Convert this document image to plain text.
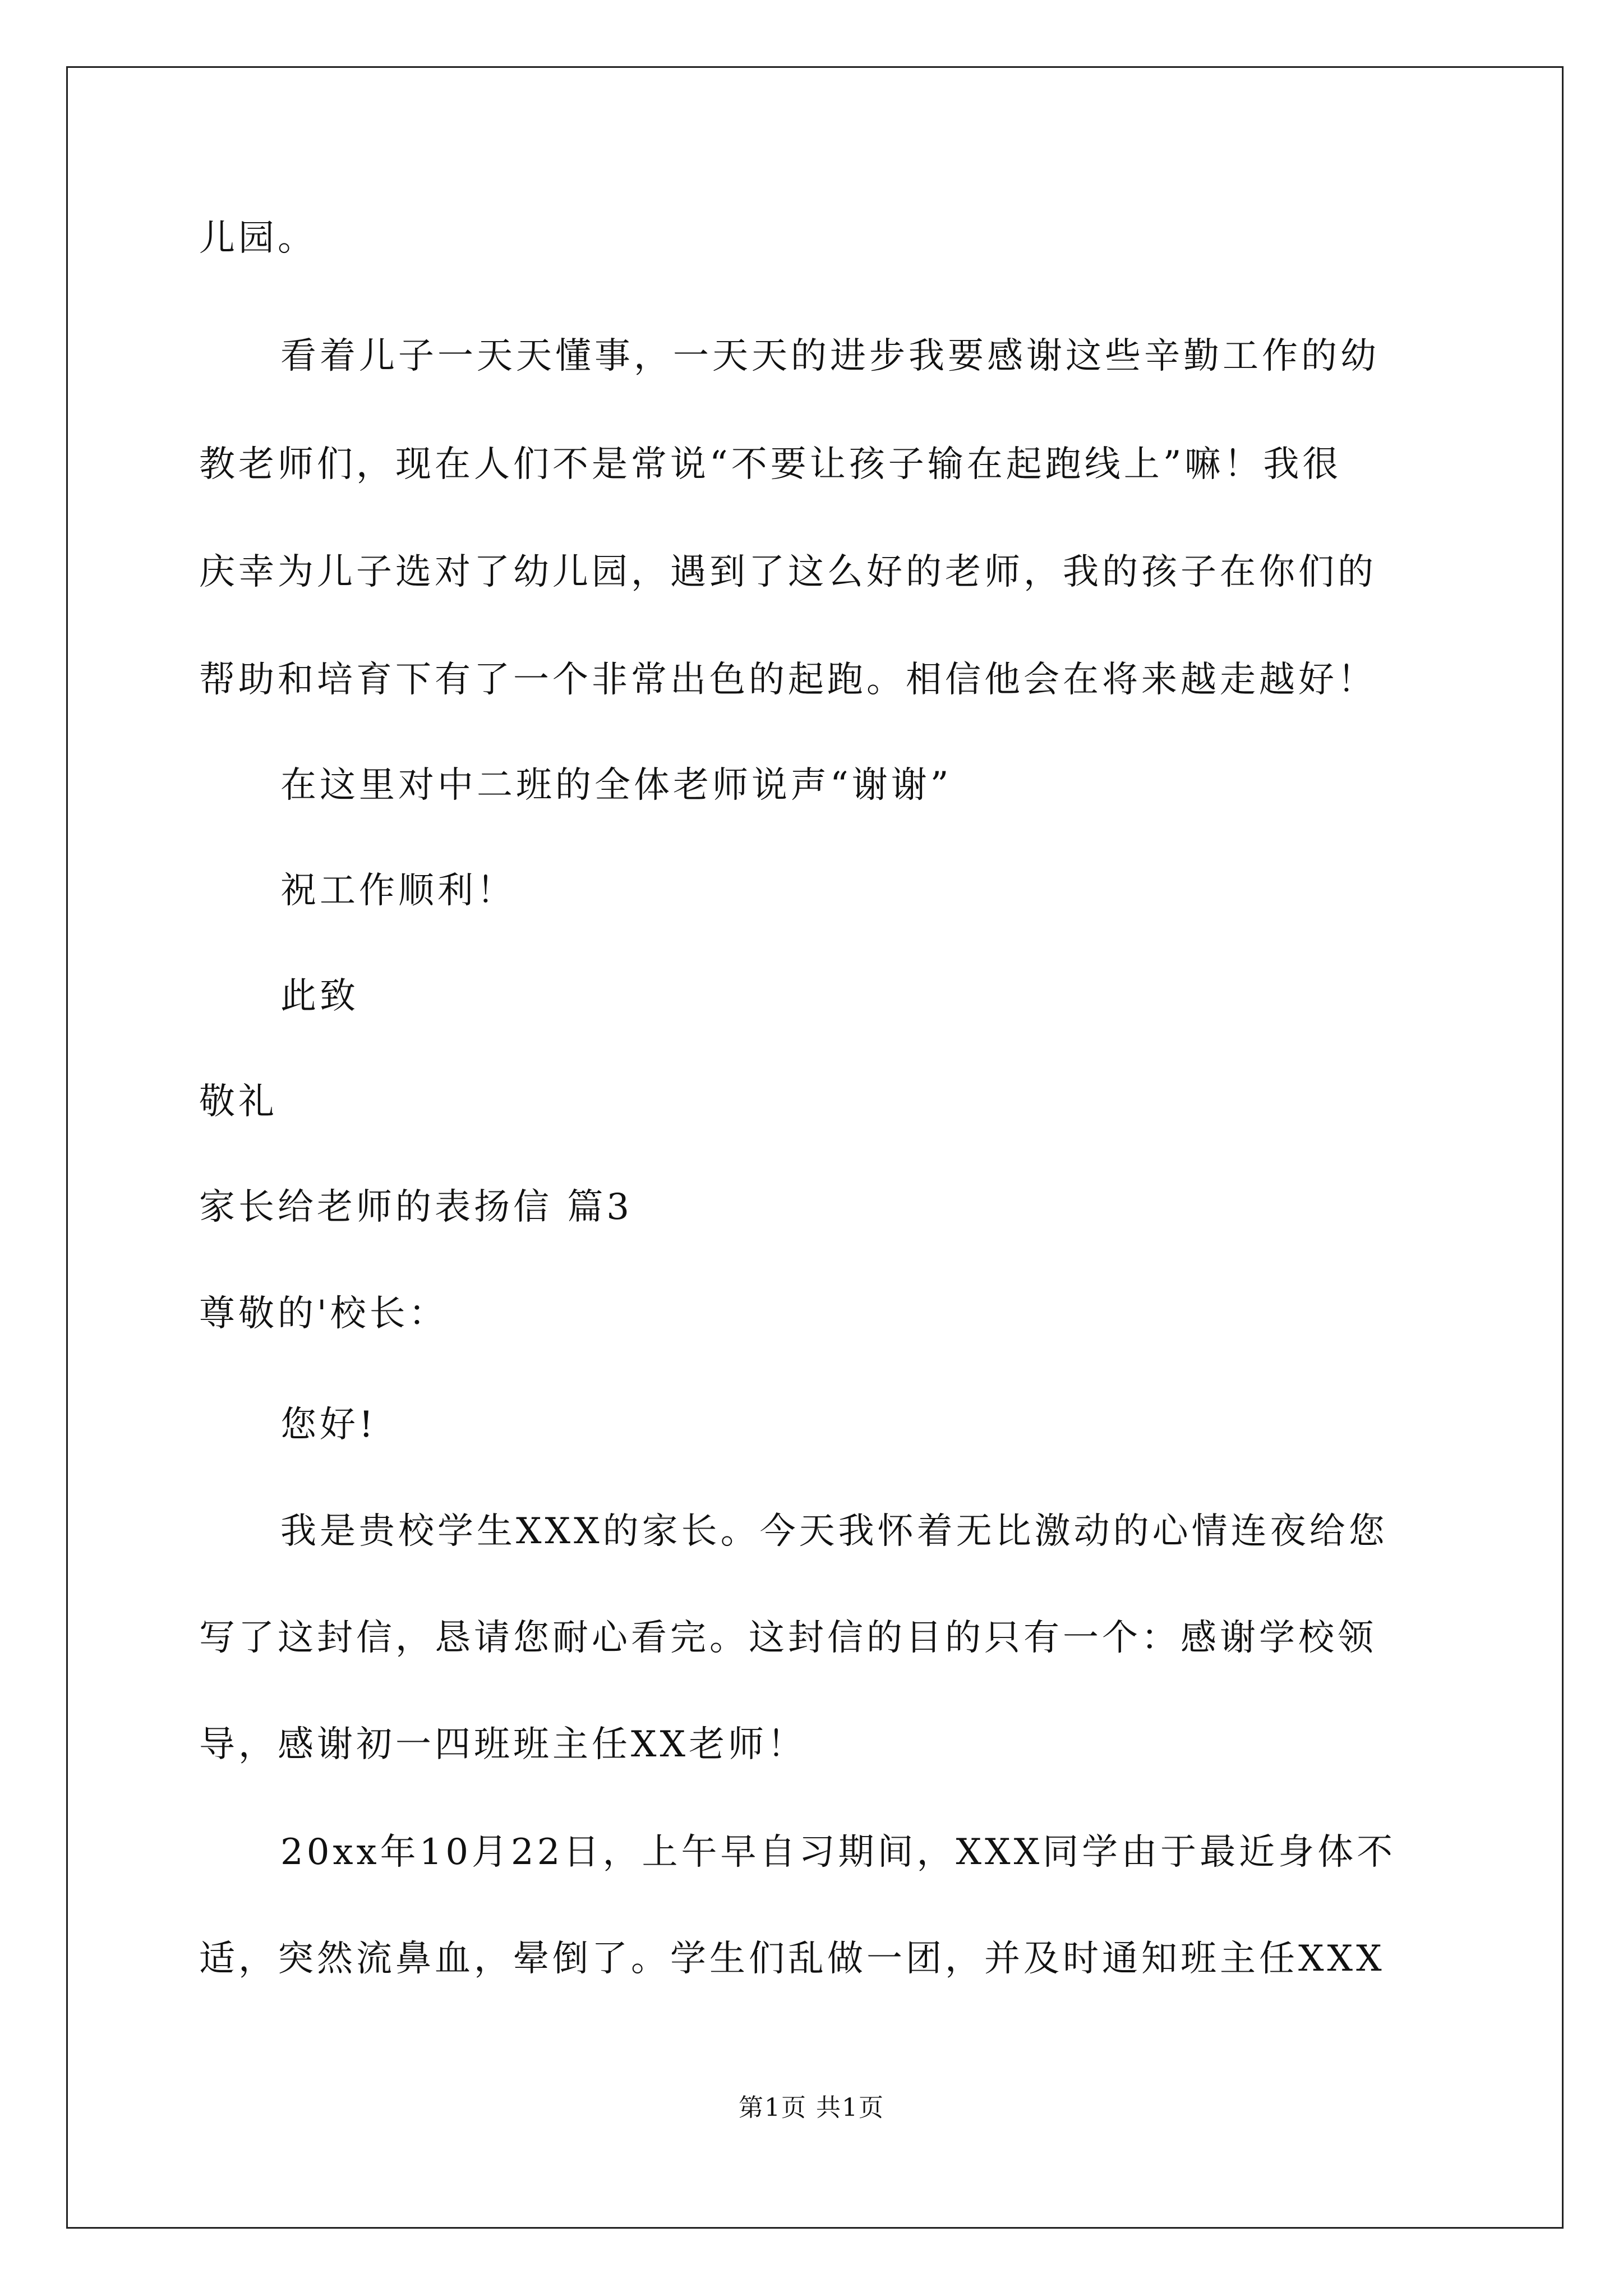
儿园。
看着儿子一天天懂事，一天天的进步我要感谢这些辛勤工作的幼
教老师们，现在人们不是常说“不要让孩子输在起跑线上”嘛！我很
庆幸为儿子选对了幼儿园，遇到了这么好的老师，我的孩子在你们的
帮助和培育下有了一个非常出色的起跑。相信他会在将来越走越好！
在这里对中二班的全体老师说声“谢谢”
祝工作顺利！
此致
敬礼
家长给老师的表扬信 篇3
尊敬的'校长：
您好!
我是贵校学生XXX的家长。今天我怀着无比激动的心情连夜给您
写了这封信，恳请您耐心看完。这封信的目的只有一个：感谢学校领
导，感谢初一四班班主任XX老师！
20xx年10月22日，上午早自习期间，XXX同学由于最近身体不
适，突然流鼻血，晕倒了。学生们乱做一团，并及时通知班主任XXX
第1页 共1页
